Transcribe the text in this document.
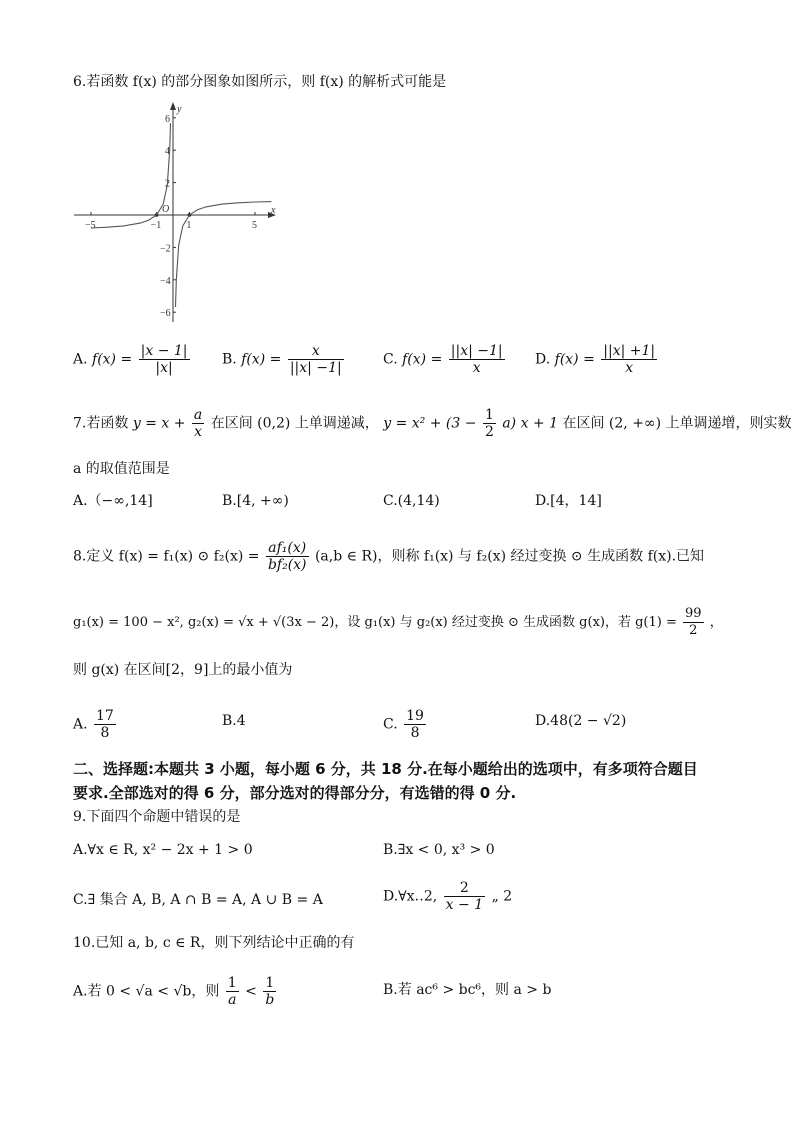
6.若函数 f(x) 的部分图象如图所示，则 f(x) 的解析式可能是
x
y
O
−5	−1	1	5
6
4
2
−2
−4
−6
A. $f(x) = \frac{|x - 1|}{|x|} B$. $f(x) = \frac{x}{||x| -1|}$	C. $f(x) = \frac{||x| -1|}{x} D$. $f(x) = \frac{||x| +1|}{x}$
7.若函数 $y = x + \frac{a}{x}$ 在区间 (0,2) 上单调递减， $y = x^2 + (3 - \frac{1}{2} a)$ x + 1 在区间 (2, +∞) 上单调递增，则实数
a 的取值范围是
A.（−∞,14]	B.[4, +∞)	C.(4,14)	D.[4，14]
8.定义 f(x) = f₁(x) ⊙ $f_2(x) = \frac{\text{af₁(x)}}{\text{bf₂(x)}} (a,b$ ∈ R)，则称 f₁(x) 与 f₂(x) 经过变换 ⊙ 生成函数 f(x).已知
g₁(x) = 100 − x², g₂(x) = √x + √(3x − 2)，设 g₁(x) 与 g₂(x) 经过变换 ⊙ 生成函数 g(x)，若 $g(1) = \frac{99}{2}$ ，
则 g(x) 在区间[2，9]上的最小值为
A. $\frac{17}{8}$	B.4	C. $\frac{19}{8}$	D.48(2 − √2)
二、选择题:本题共 3 小题，每小题 6 分，共 18 分.在每小题给出的选项中，有多项符合题目
要求.全部选对的得 6 分，部分选对的得部分分，有选错的得 0 分.
9.下面四个命题中错误的是
A.∀x ∈ R, x² − 2x + 1 > 0	B.∃x < 0, x³ > 0
C.∃ 集合 A, B, A ∩ B = A, A ∪ B = A	D.∀x‥2, $\frac{2}{x - 1}$ „ 2
10.已知 a, b, c ∈ R，则下列结论中正确的有
A.若 0 < √a < √b，则 $\frac{1}{a} < \frac{1}{b}$	B.若 ac⁶ > bc⁶，则 a > b
